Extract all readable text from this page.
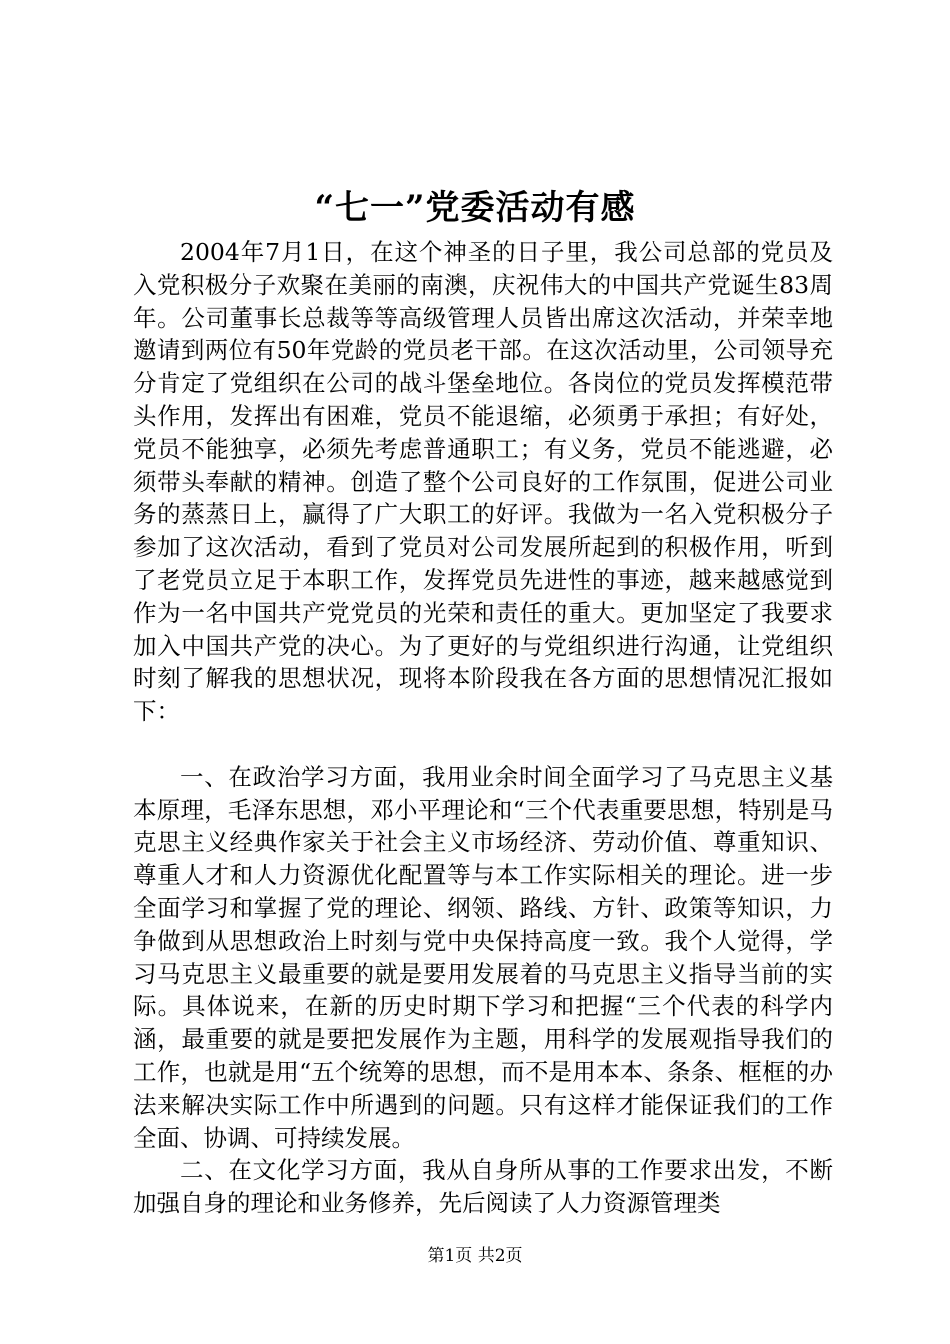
“七一”党委活动有感

2004年7月1日，在这个神圣的日子里，我公司总部的党员及入党积极分子欢聚在美丽的南澳，庆祝伟大的中国共产党诞生83周年。公司董事长总裁等等高级管理人员皆出席这次活动，并荣幸地邀请到两位有50年党龄的党员老干部。在这次活动里，公司领导充分肯定了党组织在公司的战斗堡垒地位。各岗位的党员发挥模范带头作用，发挥出有困难，党员不能退缩，必须勇于承担；有好处，党员不能独享，必须先考虑普通职工；有义务，党员不能逃避，必须带头奉献的精神。创造了整个公司良好的工作氛围，促进公司业务的蒸蒸日上，赢得了广大职工的好评。我做为一名入党积极分子参加了这次活动，看到了党员对公司发展所起到的积极作用，听到了老党员立足于本职工作，发挥党员先进性的事迹，越来越感觉到作为一名中国共产党党员的光荣和责任的重大。更加坚定了我要求加入中国共产党的决心。为了更好的与党组织进行沟通，让党组织时刻了解我的思想状况，现将本阶段我在各方面的思想情况汇报如下：

一、在政治学习方面，我用业余时间全面学习了马克思主义基本原理，毛泽东思想，邓小平理论和“三个代表重要思想，特别是马克思主义经典作家关于社会主义市场经济、劳动价值、尊重知识、尊重人才和人力资源优化配置等与本工作实际相关的理论。进一步全面学习和掌握了党的理论、纲领、路线、方针、政策等知识，力争做到从思想政治上时刻与党中央保持高度一致。我个人觉得，学习马克思主义最重要的就是要用发展着的马克思主义指导当前的实际。具体说来，在新的历史时期下学习和把握“三个代表的科学内涵，最重要的就是要把发展作为主题，用科学的发展观指导我们的工作，也就是用“五个统筹的思想，而不是用本本、条条、框框的办法来解决实际工作中所遇到的问题。只有这样才能保证我们的工作全面、协调、可持续发展。

二、在文化学习方面，我从自身所从事的工作要求出发，不断加强自身的理论和业务修养，先后阅读了人力资源管理类

第1页 共2页
